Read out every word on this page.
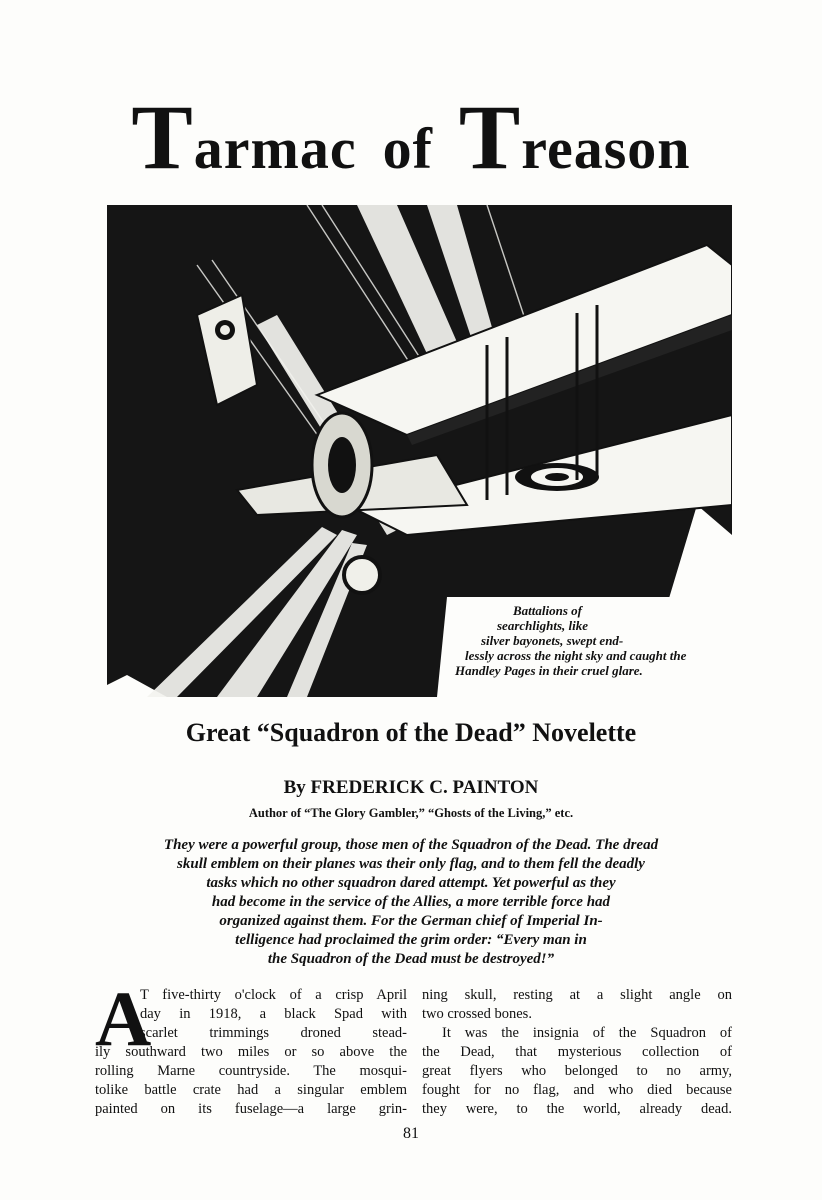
Tarmac of Treason
Battalions of
searchlights, like
silver bayonets, swept end-
lessly across the night sky and caught the
Handley Pages in their cruel glare.
Great “Squadron of the Dead” Novelette
By FREDERICK C. PAINTON
Author of “The Glory Gambler,” “Ghosts of the Living,” etc.
They were a powerful group, those men of the Squadron of the Dead. The dread
skull emblem on their planes was their only flag, and to them fell the deadly
tasks which no other squadron dared attempt. Yet powerful as they
had become in the service of the Allies, a more terrible force had
organized against them. For the German chief of Imperial In-
telligence had proclaimed the grim order: “Every man in
the Squadron of the Dead must be destroyed!”
A
T five-thirty o'clock of a crisp April
day in 1918, a black Spad with
scarlet trimmings droned stead-
ily southward two miles or so above the
rolling Marne countryside. The mosqui-
tolike battle crate had a singular emblem
painted on its fuselage—a large grin-
ning skull, resting at a slight angle on
two crossed bones.
It was the insignia of the Squadron of
the Dead, that mysterious collection of
great flyers who belonged to no army,
fought for no flag, and who died because
they were, to the world, already dead.
81
